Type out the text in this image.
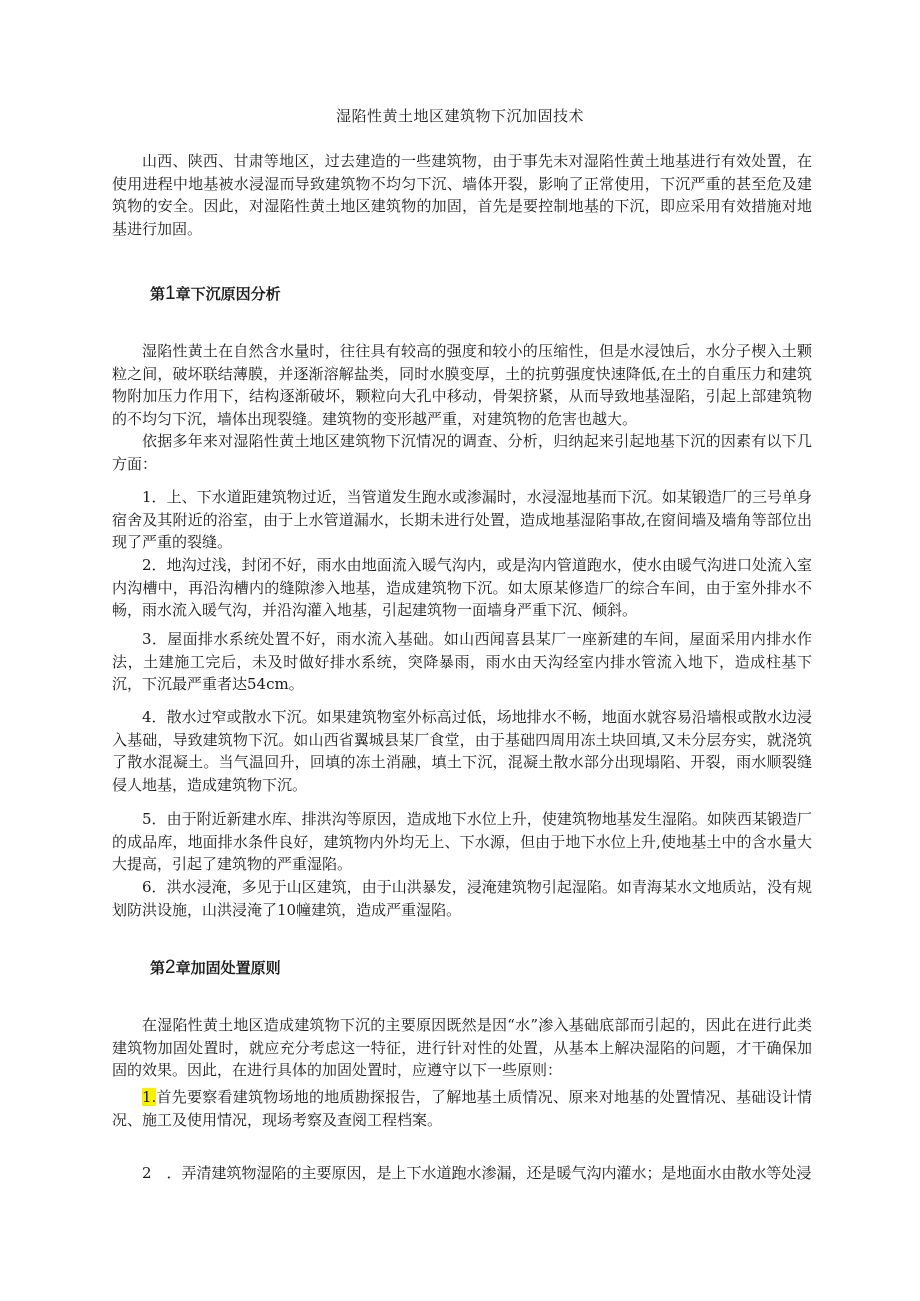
湿陷性黄土地区建筑物下沉加固技术

山西、陕西、甘肃等地区，过去建造的一些建筑物，由于事先未对湿陷性黄土地基进行有效处置，在使用进程中地基被水浸湿而导致建筑物不均匀下沉、墙体开裂，影响了正常使用，下沉严重的甚至危及建筑物的安全。因此，对湿陷性黄土地区建筑物的加固，首先是要控制地基的下沉，即应采用有效措施对地基进行加固。

第1章下沉原因分析

湿陷性黄土在自然含水量时，往往具有较高的强度和较小的压缩性，但是水浸蚀后，水分子楔入土颗粒之间，破坏联结薄膜，并逐渐溶解盐类，同时水膜变厚，土的抗剪强度快速降低,在土的自重压力和建筑物附加压力作用下，结构逐渐破坏，颗粒向大孔中移动，骨架挤紧，从而导致地基湿陷，引起上部建筑物的不均匀下沉，墙体出现裂缝。建筑物的变形越严重，对建筑物的危害也越大。

依据多年来对湿陷性黄土地区建筑物下沉情况的调查、分析，归纳起来引起地基下沉的因素有以下几方面：

1．上、下水道距建筑物过近，当管道发生跑水或渗漏时，水浸湿地基而下沉。如某锻造厂的三号单身宿舍及其附近的浴室，由于上水管道漏水，长期未进行处置，造成地基湿陷事故,在窗间墙及墙角等部位出现了严重的裂缝。

2．地沟过浅，封闭不好，雨水由地面流入暖气沟内，或是沟内管道跑水，使水由暖气沟进口处流入室内沟槽中，再沿沟槽内的缝隙渗入地基，造成建筑物下沉。如太原某修造厂的综合车间，由于室外排水不畅，雨水流入暖气沟，并沿沟灌入地基，引起建筑物一面墙身严重下沉、倾斜。

3．屋面排水系统处置不好，雨水流入基础。如山西闻喜县某厂一座新建的车间，屋面采用内排水作法，土建施工完后，未及时做好排水系统，突降暴雨，雨水由天沟经室内排水管流入地下，造成柱基下沉，下沉最严重者达54cm。

4．散水过窄或散水下沉。如果建筑物室外标高过低，场地排水不畅，地面水就容易沿墙根或散水边浸入基础，导致建筑物下沉。如山西省翼城县某厂食堂，由于基础四周用冻土块回填,又未分层夯实，就浇筑了散水混凝土。当气温回升，回填的冻土消融，填土下沉，混凝土散水部分出现塌陷、开裂，雨水顺裂缝侵人地基，造成建筑物下沉。

5．由于附近新建水库、排洪沟等原因，造成地下水位上升，使建筑物地基发生湿陷。如陕西某锻造厂的成品库，地面排水条件良好，建筑物内外均无上、下水源，但由于地下水位上升,使地基土中的含水量大大提高，引起了建筑物的严重湿陷。

6．洪水浸淹，多见于山区建筑，由于山洪暴发，浸淹建筑物引起湿陷。如青海某水文地质站，没有规划防洪设施，山洪浸淹了10幢建筑，造成严重湿陷。

第2章加固处置原则

在湿陷性黄土地区造成建筑物下沉的主要原因既然是因“水”渗入基础底部而引起的，因此在进行此类建筑物加固处置时，就应充分考虑这一特征，进行针对性的处置，从基本上解决湿陷的问题，才干确保加固的效果。因此，在进行具体的加固处置时，应遵守以下一些原则：

1.首先要察看建筑物场地的地质勘探报告，了解地基土质情况、原来对地基的处置情况、基础设计情况、施工及使用情况，现场考察及查阅工程档案。

2　．弄清建筑物湿陷的主要原因，是上下水道跑水渗漏，还是暖气沟内灌水；是地面水由散水等处浸
